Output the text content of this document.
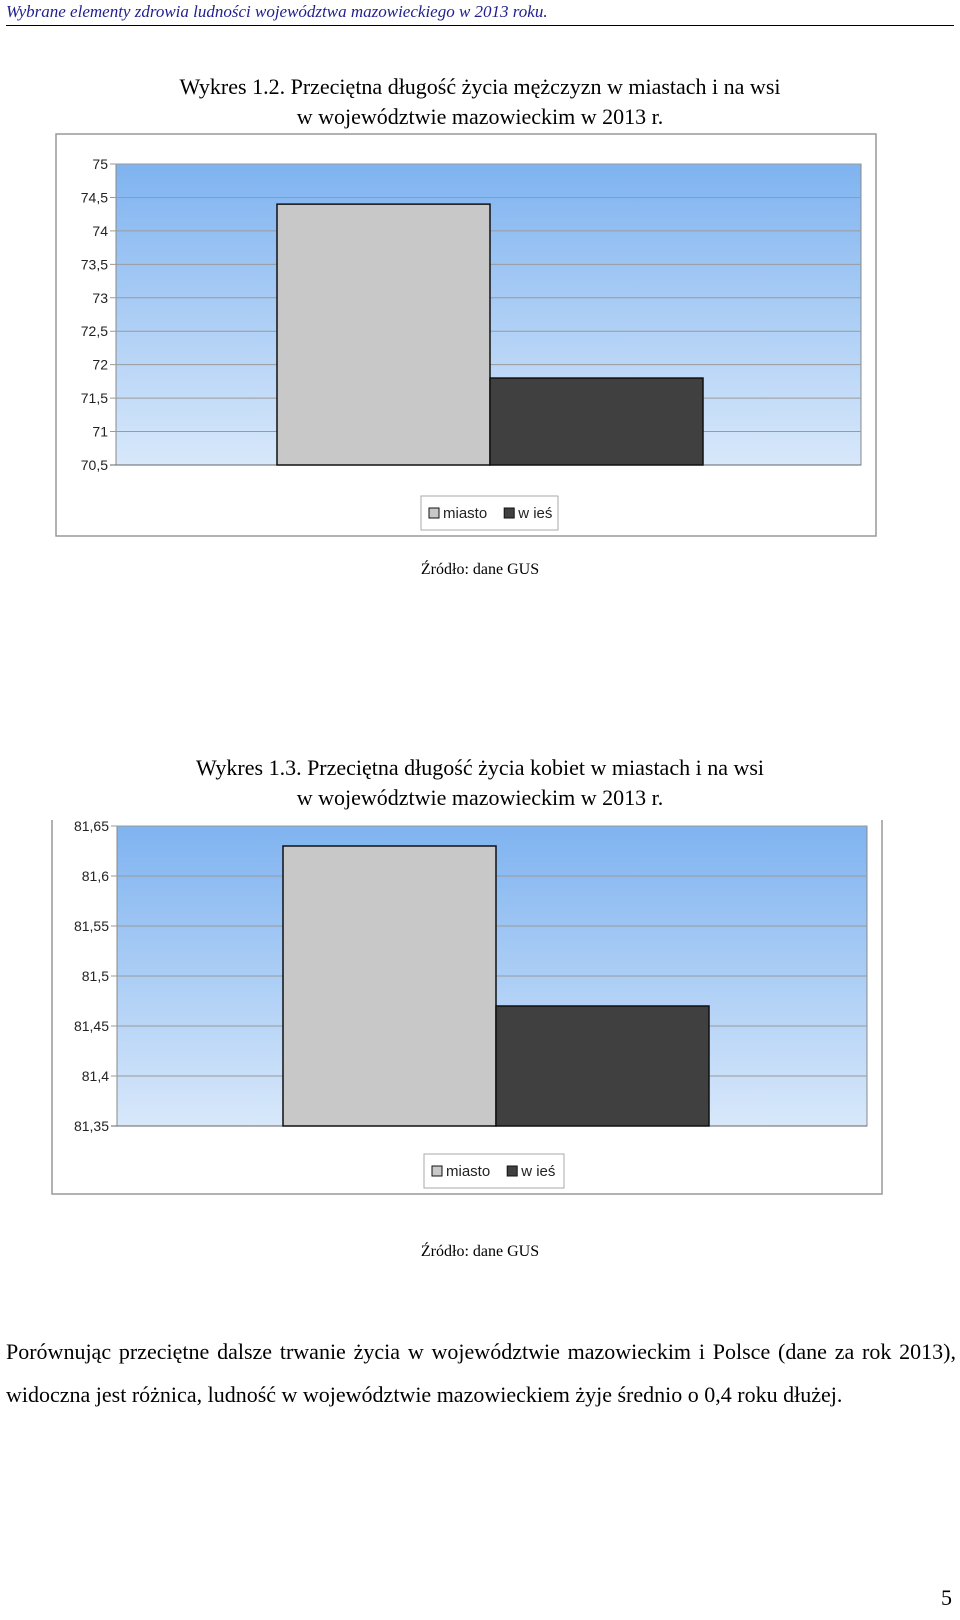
Wybrane elementy zdrowia ludności województwa mazowieckiego w 2013 roku.
Wykres 1.2. Przeciętna długość życia mężczyzn w miastach i na wsi
w województwie mazowieckim w 2013 r.
70,5
71
71,5
72
72,5
73
73,5
74
74,5
75
miasto w ieś
Źródło: dane GUS
Wykres 1.3. Przeciętna długość życia kobiet w miastach i na wsi
w województwie mazowieckim w 2013 r.
81,35
81,4
81,45
81,5
81,55
81,6
81,65
miasto w ieś
Źródło: dane GUS
Porównując przeciętne dalsze trwanie życia w województwie mazowieckim i Polsce (dane za rok 2013), widoczna jest różnica, ludność w województwie mazowieckiem żyje średnio o 0,4 roku dłużej.
5
